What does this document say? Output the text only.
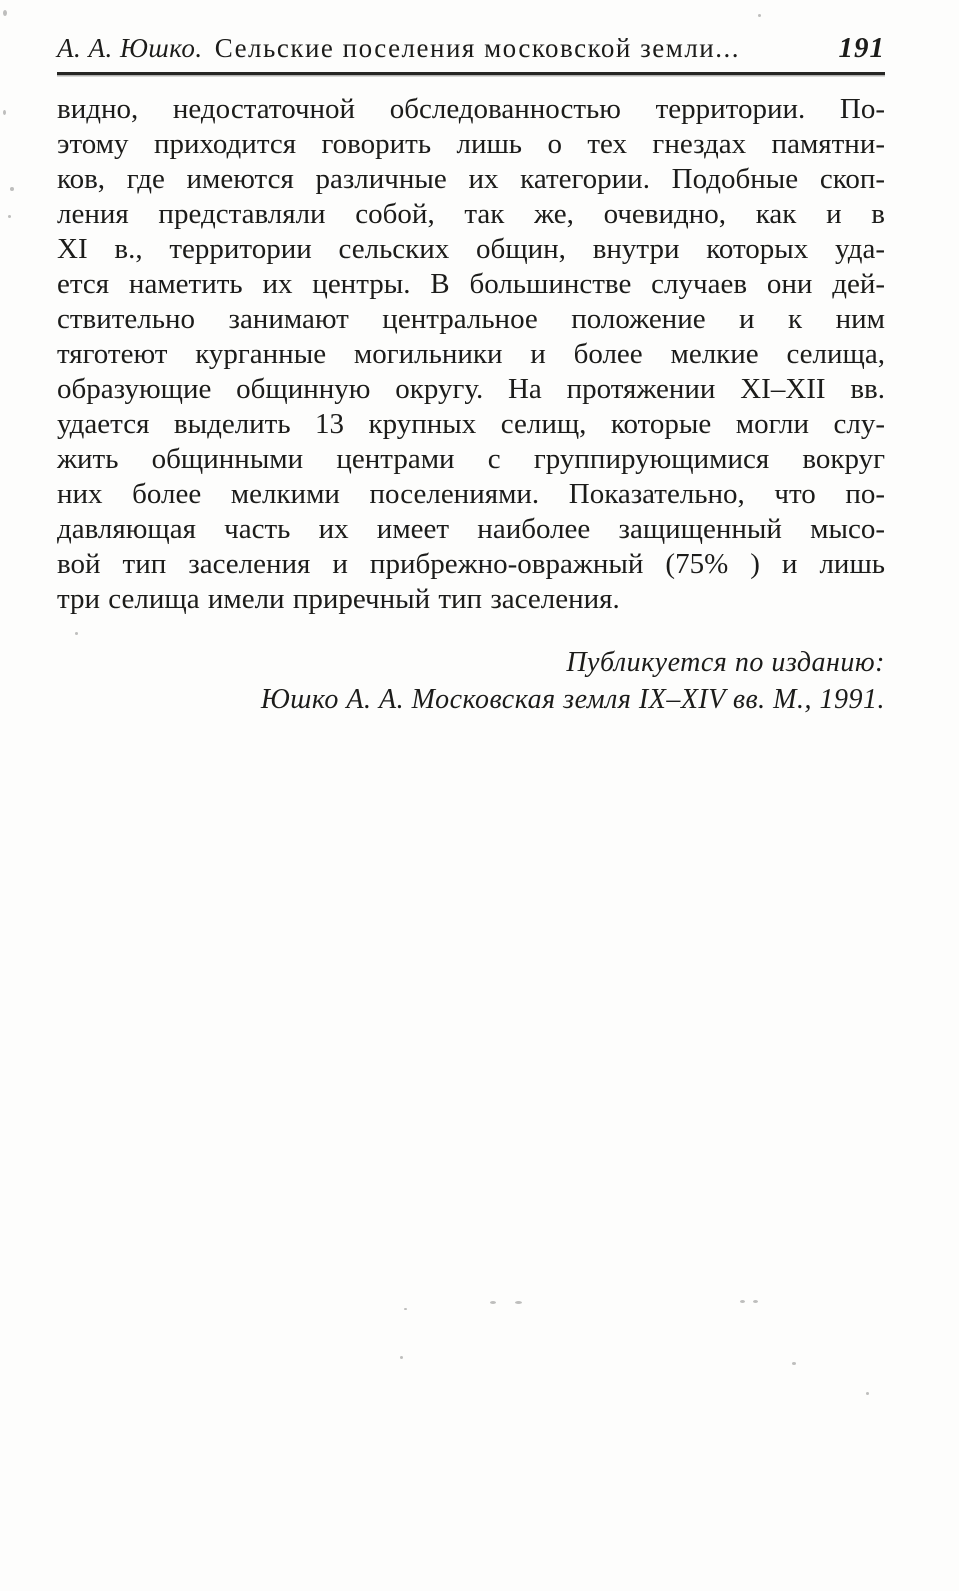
А. А. Юшко. Сельские поселения московской земли...	191
видно, недостаточной обследованностью территории. По-
этому приходится говорить лишь о тех гнездах памятни-
ков, где имеются различные их категории. Подобные скоп-
ления представляли собой, так же, очевидно, как и в
XI в., территории сельских общин, внутри которых уда-
ется наметить их центры. В большинстве случаев они дей-
ствительно занимают центральное положение и к ним
тяготеют курганные могильники и более мелкие селища,
образующие общинную округу. На протяжении XI–XII вв.
удается выделить 13 крупных селищ, которые могли слу-
жить общинными центрами с группирующимися вокруг
них более мелкими поселениями. Показательно, что по-
давляющая часть их имеет наиболее защищенный мысо-
вой тип заселения и прибрежно-овражный (75% ) и лишь
три селища имели приречный тип заселения.
Публикуется по изданию:
Юшко А. А. Московская земля IX–XIV вв. М., 1991.
